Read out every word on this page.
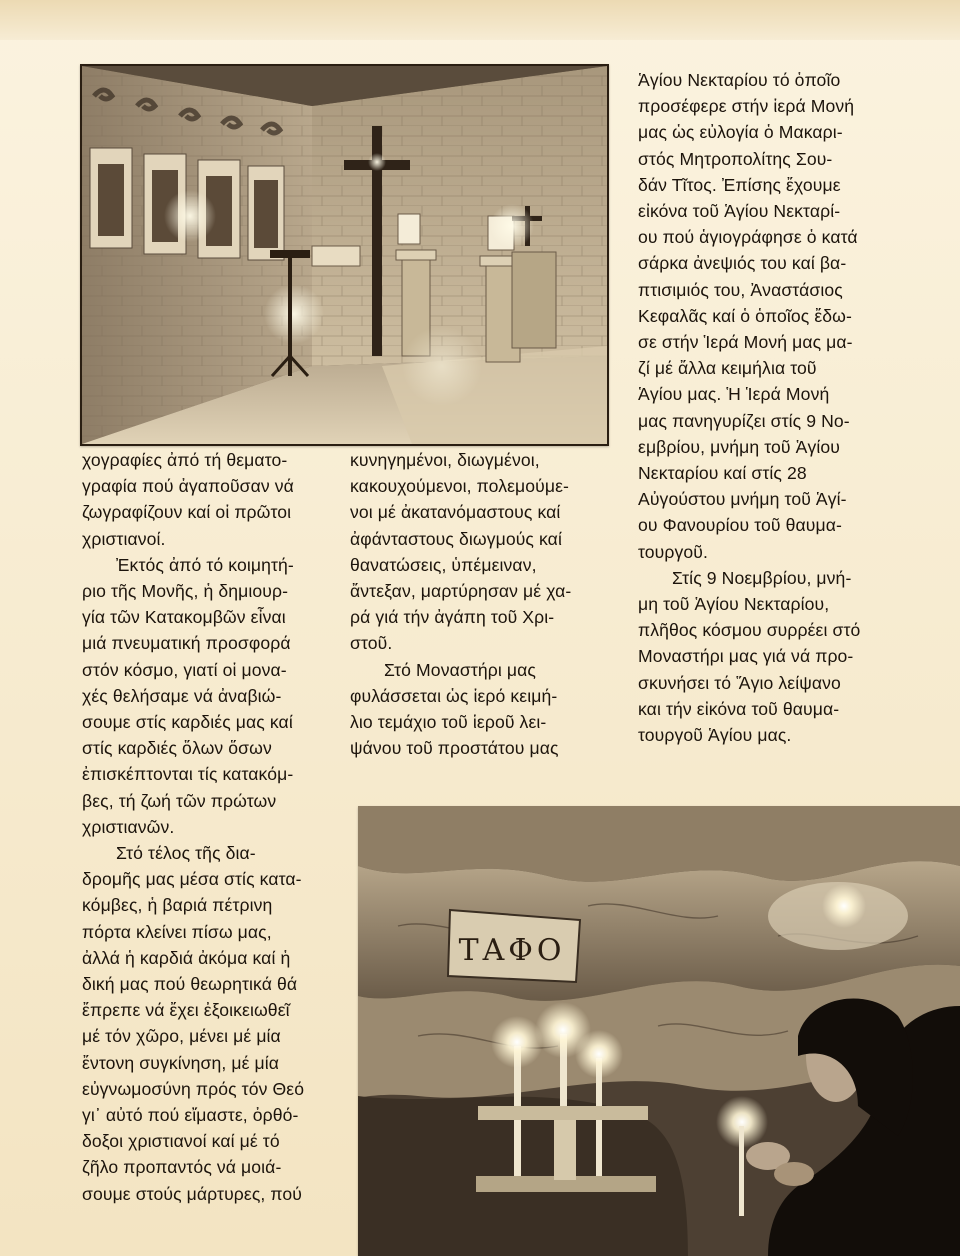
ΤΑΦΟ

χογραφίες ἀπό τή θεματο-
γραφία πού ἀγαποῦσαν νά
ζωγραφίζουν καί οἱ πρῶτοι
χριστιανοί.

Ἐκτός ἀπό τό κοιμητή-
ριο τῆς Μονῆς, ἡ δημιουρ-
γία τῶν Κατακομβῶν εἶναι
μιά πνευματική προσφορά
στόν κόσμο, γιατί οἱ μονα-
χές θελήσαμε νά ἀναβιώ-
σουμε στίς καρδιές μας καί
στίς καρδιές ὅλων ὅσων
ἐπισκέπτονται τίς κατακόμ-
βες, τή ζωή τῶν πρώτων
χριστιανῶν.

Στό τέλος τῆς δια-
δρομῆς μας μέσα στίς κατα-
κόμβες, ἡ βαριά πέτρινη
πόρτα κλείνει πίσω μας,
ἀλλά ἡ καρδιά ἀκόμα καί ἡ
δική μας πού θεωρητικά θά
ἔπρεπε νά ἔχει ἐξοικειωθεῖ
μέ τόν χῶρο, μένει μέ μία
ἔντονη συγκίνηση, μέ μία
εὐγνωμοσύνη πρός τόν Θεό
γι᾽ αὐτό πού εἴμαστε, ὀρθό-
δοξοι χριστιανοί καί μέ τό
ζῆλο προπαντός νά μοιά-
σουμε στούς μάρτυρες, πού

κυνηγημένοι, διωγμένοι,
κακουχούμενοι, πολεμούμε-
νοι μέ ἀκατανόμαστους καί
ἀφάνταστους διωγμούς καί
θανατώσεις, ὑπέμειναν,
ἄντεξαν, μαρτύρησαν μέ χα-
ρά γιά τήν ἀγάπη τοῦ Χρι-
στοῦ.

Στό Μοναστήρι μας
φυλάσσεται ὡς ἱερό κειμή-
λιο τεμάχιο τοῦ ἱεροῦ λει-
ψάνου τοῦ προστάτου μας

Ἁγίου Νεκταρίου τό ὁποῖο
προσέφερε στήν ἱερά Μονή
μας ὡς εὐλογία ὁ Μακαρι-
στός Μητροπολίτης Σου-
δάν Τῖτος. Ἐπίσης ἔχουμε
εἰκόνα τοῦ Ἁγίου Νεκταρί-
ου πού ἁγιογράφησε ὁ κατά
σάρκα ἀνεψιός του καί βα-
πτισιμιός του, Ἀναστάσιος
Κεφαλᾶς καί ὁ ὁποῖος ἔδω-
σε στήν Ἱερά Μονή μας μα-
ζί μέ ἄλλα κειμήλια τοῦ
Ἁγίου μας. Ἡ Ἱερά Μονή
μας πανηγυρίζει στίς 9 Νο-
εμβρίου, μνήμη τοῦ Ἁγίου
Νεκταρίου καί στίς 28
Αὐγούστου μνήμη τοῦ Ἁγί-
ου Φανουρίου τοῦ θαυμα-
τουργοῦ.

Στίς 9 Νοεμβρίου, μνή-
μη τοῦ Ἁγίου Νεκταρίου,
πλῆθος κόσμου συρρέει στό
Μοναστήρι μας γιά νά προ-
σκυνήσει τό Ἅγιο λείψανο
και τήν εἰκόνα τοῦ θαυμα-
τουργοῦ Ἁγίου μας.
